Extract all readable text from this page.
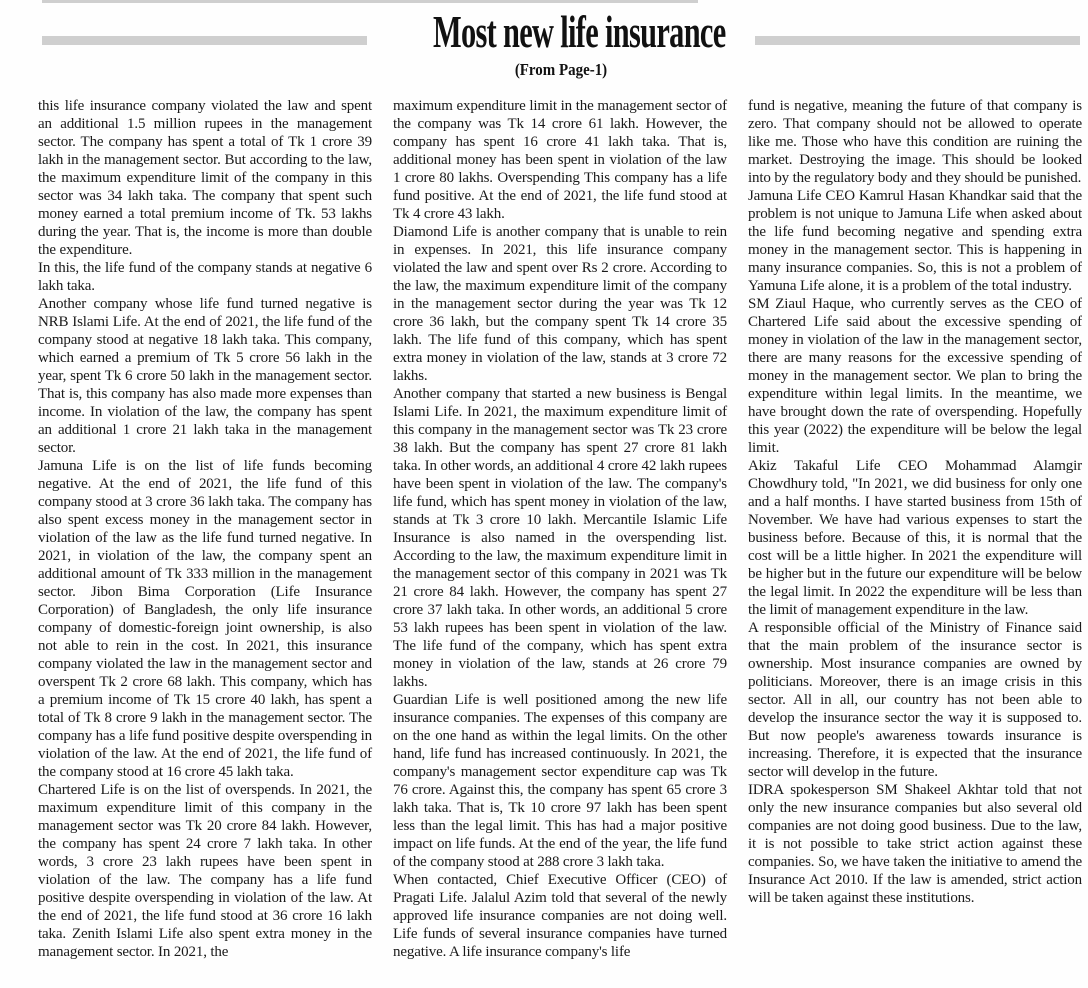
Most new life insurance
(From Page-1)

this life insurance company violated the law and spent an additional 1.5 million rupees in the management sector. The company has spent a total of Tk 1 crore 39 lakh in the management sector. But according to the law, the maximum expenditure limit of the company in this sector was 34 lakh taka. The company that spent such money earned a total premium income of Tk. 53 lakhs during the year. That is, the income is more than double the expenditure.

In this, the life fund of the company stands at negative 6 lakh taka.

Another company whose life fund turned negative is NRB Islami Life. At the end of 2021, the life fund of the company stood at negative 18 lakh taka. This company, which earned a premium of Tk 5 crore 56 lakh in the year, spent Tk 6 crore 50 lakh in the management sector. That is, this company has also made more expenses than income. In violation of the law, the company has spent an additional 1 crore 21 lakh taka in the management sector.

Jamuna Life is on the list of life funds becoming negative. At the end of 2021, the life fund of this company stood at 3 crore 36 lakh taka. The company has also spent excess money in the management sector in violation of the law as the life fund turned negative. In 2021, in violation of the law, the company spent an additional amount of Tk 333 million in the management sector. Jibon Bima Corporation (Life Insurance Corporation) of Bangladesh, the only life insurance company of domestic-foreign joint ownership, is also not able to rein in the cost. In 2021, this insurance company violated the law in the management sector and overspent Tk 2 crore 68 lakh. This company, which has a premium income of Tk 15 crore 40 lakh, has spent a total of Tk 8 crore 9 lakh in the management sector. The company has a life fund positive despite overspending in violation of the law. At the end of 2021, the life fund of the company stood at 16 crore 45 lakh taka.

Chartered Life is on the list of overspends. In 2021, the maximum expenditure limit of this company in the management sector was Tk 20 crore 84 lakh. However, the company has spent 24 crore 7 lakh taka. In other words, 3 crore 23 lakh rupees have been spent in violation of the law. The company has a life fund positive despite overspending in violation of the law. At the end of 2021, the life fund stood at 36 crore 16 lakh taka. Zenith Islami Life also spent extra money in the management sector. In 2021, the

maximum expenditure limit in the management sector of the company was Tk 14 crore 61 lakh. However, the company has spent 16 crore 41 lakh taka. That is, additional money has been spent in violation of the law 1 crore 80 lakhs. Overspending This company has a life fund positive. At the end of 2021, the life fund stood at Tk 4 crore 43 lakh.

Diamond Life is another company that is unable to rein in expenses. In 2021, this life insurance company violated the law and spent over Rs 2 crore. According to the law, the maximum expenditure limit of the company in the management sector during the year was Tk 12 crore 36 lakh, but the company spent Tk 14 crore 35 lakh. The life fund of this company, which has spent extra money in violation of the law, stands at 3 crore 72 lakhs.

Another company that started a new business is Bengal Islami Life. In 2021, the maximum expenditure limit of this company in the management sector was Tk 23 crore 38 lakh. But the company has spent 27 crore 81 lakh taka. In other words, an additional 4 crore 42 lakh rupees have been spent in violation of the law. The company's life fund, which has spent money in violation of the law, stands at Tk 3 crore 10 lakh. Mercantile Islamic Life Insurance is also named in the overspending list. According to the law, the maximum expenditure limit in the management sector of this company in 2021 was Tk 21 crore 84 lakh. However, the company has spent 27 crore 37 lakh taka. In other words, an additional 5 crore 53 lakh rupees has been spent in violation of the law. The life fund of the company, which has spent extra money in violation of the law, stands at 26 crore 79 lakhs.

Guardian Life is well positioned among the new life insurance companies. The expenses of this company are on the one hand as within the legal limits. On the other hand, life fund has increased continuously. In 2021, the company's management sector expenditure cap was Tk 76 crore. Against this, the company has spent 65 crore 3 lakh taka. That is, Tk 10 crore 97 lakh has been spent less than the legal limit. This has had a major positive impact on life funds. At the end of the year, the life fund of the company stood at 288 crore 3 lakh taka.

When contacted, Chief Executive Officer (CEO) of Pragati Life. Jalalul Azim told that several of the newly approved life insurance companies are not doing well. Life funds of several insurance companies have turned negative. A life insurance company's life

fund is negative, meaning the future of that company is zero. That company should not be allowed to operate like me. Those who have this condition are ruining the market. Destroying the image. This should be looked into by the regulatory body and they should be punished.

Jamuna Life CEO Kamrul Hasan Khandkar said that the problem is not unique to Jamuna Life when asked about the life fund becoming negative and spending extra money in the management sector. This is happening in many insurance companies. So, this is not a problem of Yamuna Life alone, it is a problem of the total industry.

SM Ziaul Haque, who currently serves as the CEO of Chartered Life said about the excessive spending of money in violation of the law in the management sector, there are many reasons for the excessive spending of money in the management sector. We plan to bring the expenditure within legal limits. In the meantime, we have brought down the rate of overspending. Hopefully this year (2022) the expenditure will be below the legal limit.

Akiz Takaful Life CEO Mohammad Alamgir Chowdhury told, "In 2021, we did business for only one and a half months. I have started business from 15th of November. We have had various expenses to start the business before. Because of this, it is normal that the cost will be a little higher. In 2021 the expenditure will be higher but in the future our expenditure will be below the legal limit. In 2022 the expenditure will be less than the limit of management expenditure in the law.

A responsible official of the Ministry of Finance said that the main problem of the insurance sector is ownership. Most insurance companies are owned by politicians. Moreover, there is an image crisis in this sector. All in all, our country has not been able to develop the insurance sector the way it is supposed to. But now people's awareness towards insurance is increasing. Therefore, it is expected that the insurance sector will develop in the future.

IDRA spokesperson SM Shakeel Akhtar told that not only the new insurance companies but also several old companies are not doing good business. Due to the law, it is not possible to take strict action against these companies. So, we have taken the initiative to amend the Insurance Act 2010. If the law is amended, strict action will be taken against these institutions.
